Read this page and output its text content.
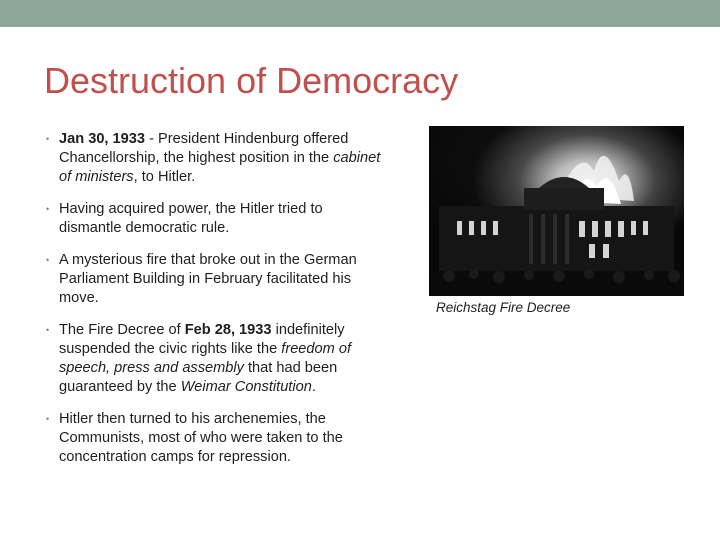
Destruction of Democracy
• Jan 30, 1933 - President Hindenburg offered Chancellorship, the highest position in the cabinet of ministers, to Hitler.
• Having acquired power, the Hitler tried to dismantle democratic rule.
• A mysterious fire that broke out in the German Parliament Building in February facilitated his move.
• The Fire Decree of Feb 28, 1933 indefinitely suspended the civic rights like the freedom of speech, press and assembly that had been guaranteed by the Weimar Constitution.
• Hitler then turned to his archenemies, the Communists, most of who were taken to the concentration camps for repression.
Reichstag Fire Decree
